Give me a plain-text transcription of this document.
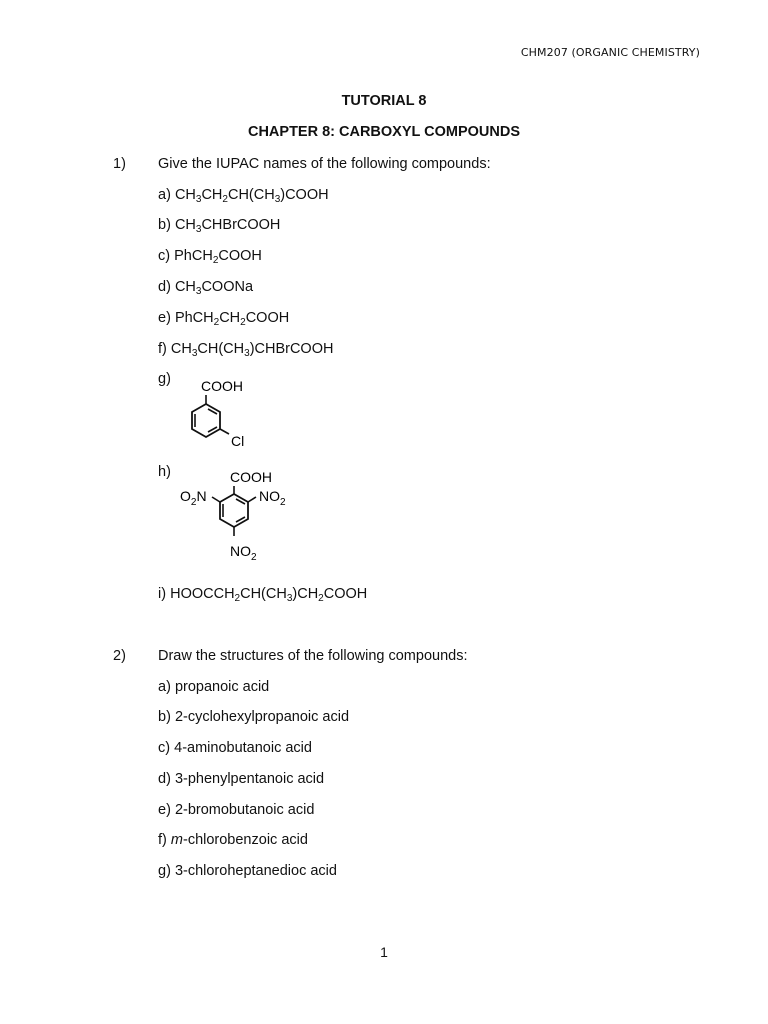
CHM207 (ORGANIC CHEMISTRY)
TUTORIAL 8
CHAPTER 8: CARBOXYL COMPOUNDS
1) Give the IUPAC names of the following compounds:
a) $CH_3CH_2CH(CH_3)COOH$
b) $CH_3CHBrCOOH$
c) PhCH$_2$COOH
d) $CH_3COONa$
e) $PhCH_2CH_2COOH$
f) $CH_3CH(CH_3)CHBrCOOH$
g) COOH
Cl
h)	COOH
$O_2N$	$NO_2$
$NO_2$
i) $HOOCCH_2CH(CH_3)CH_2COOH$
2) Draw the structures of the following compounds:
a) propanoic acid
b) 2-cyclohexylpropanoic acid
c) 4-aminobutanoic acid
d) 3-phenylpentanoic acid
e) 2-bromobutanoic acid
f) m-chlorobenzoic acid
g) 3-chloroheptanedioc acid
1
